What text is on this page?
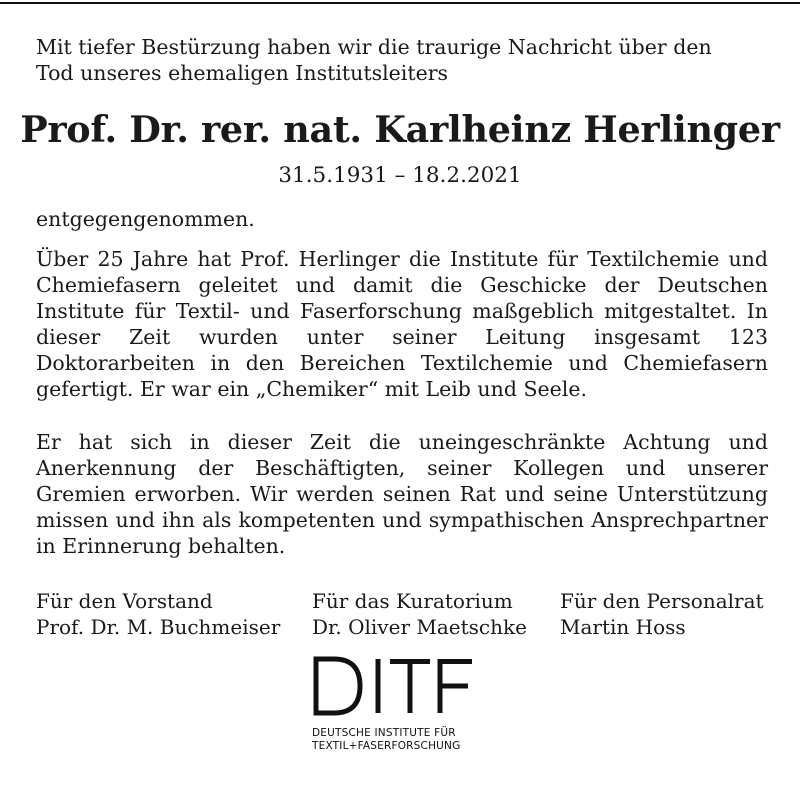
Mit tiefer Bestürzung haben wir die traurige Nachricht über den
Tod unseres ehemaligen Institutsleiters
Prof. Dr. rer. nat. Karlheinz Herlinger
31.5.1931 – 18.2.2021

entgegengenommen.

Über 25 Jahre hat Prof. Herlinger die Institute für Textilchemie und Chemiefasern geleitet und damit die Geschicke der Deutschen Institute für Textil- und Faserforschung maßgeblich mitgestaltet. In dieser Zeit wurden unter seiner Leitung insgesamt 123 Doktorarbeiten in den Bereichen Textilchemie und Chemiefasern gefertigt. Er war ein „Chemiker“ mit Leib und Seele.

Er hat sich in dieser Zeit die uneingeschränkte Achtung und Anerkennung der Beschäftigten, seiner Kollegen und unserer Gremien erworben. Wir werden seinen Rat und seine Unterstützung missen und ihn als kompetenten und sympathischen Ansprechpartner in Erinnerung behalten.

Für den Vorstand
Prof. Dr. M. Buchmeiser
Für das Kuratorium
Dr. Oliver Maetschke
Für den Personalrat
Martin Hoss
DEUTSCHE INSTITUTE FÜR
TEXTIL+FASERFORSCHUNG
